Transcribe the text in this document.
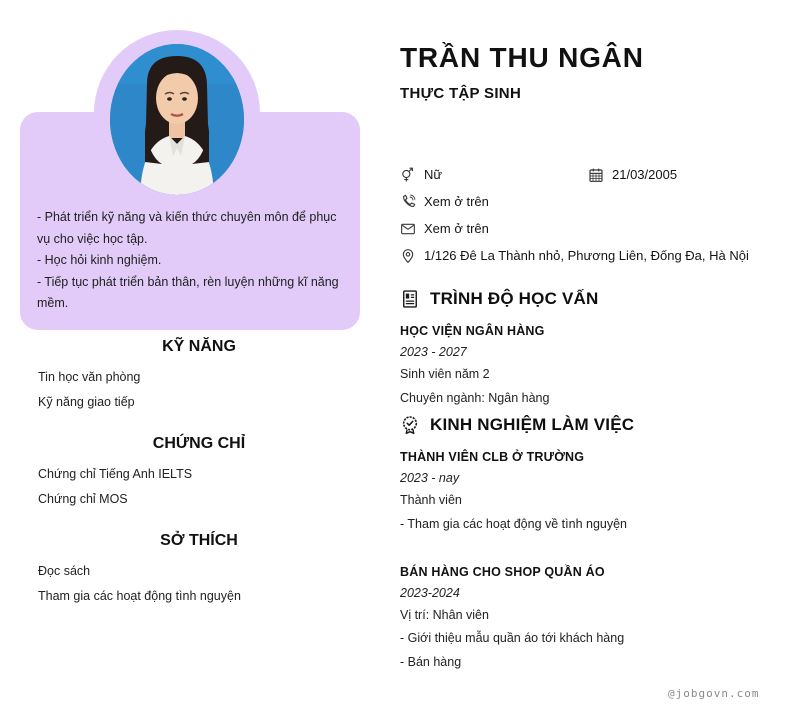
- Phát triển kỹ năng và kiến thức chuyên môn để phục vụ cho việc học tập.

- Học hỏi kinh nghiệm.

- Tiếp tục phát triển bản thân, rèn luyện những kĩ năng mềm.

KỸ NĂNG
Tin học văn phòng
Kỹ năng giao tiếp
CHỨNG CHỈ
Chứng chỉ Tiếng Anh IELTS
Chứng chỉ MOS
SỞ THÍCH
Đọc sách
Tham gia các hoạt động tình nguyện
TRẦN THU NGÂN
THỰC TẬP SINH
Nữ	21/03/2005
Xem ở trên
Xem ở trên
1/126 Đê La Thành nhỏ, Phương Liên, Đống Đa, Hà Nội
TRÌNH ĐỘ HỌC VẤN
HỌC VIỆN NGÂN HÀNG
2023 - 2027
Sinh viên năm 2
Chuyên ngành: Ngân hàng
KINH NGHIỆM LÀM VIỆC
THÀNH VIÊN CLB Ở TRƯỜNG
2023 - nay
Thành viên
- Tham gia các hoạt động về tình nguyện
BÁN HÀNG CHO SHOP QUẦN ÁO
2023-2024
Vị trí: Nhân viên
- Giới thiệu mẫu quần áo tới khách hàng
- Bán hàng
@jobgovn.com
